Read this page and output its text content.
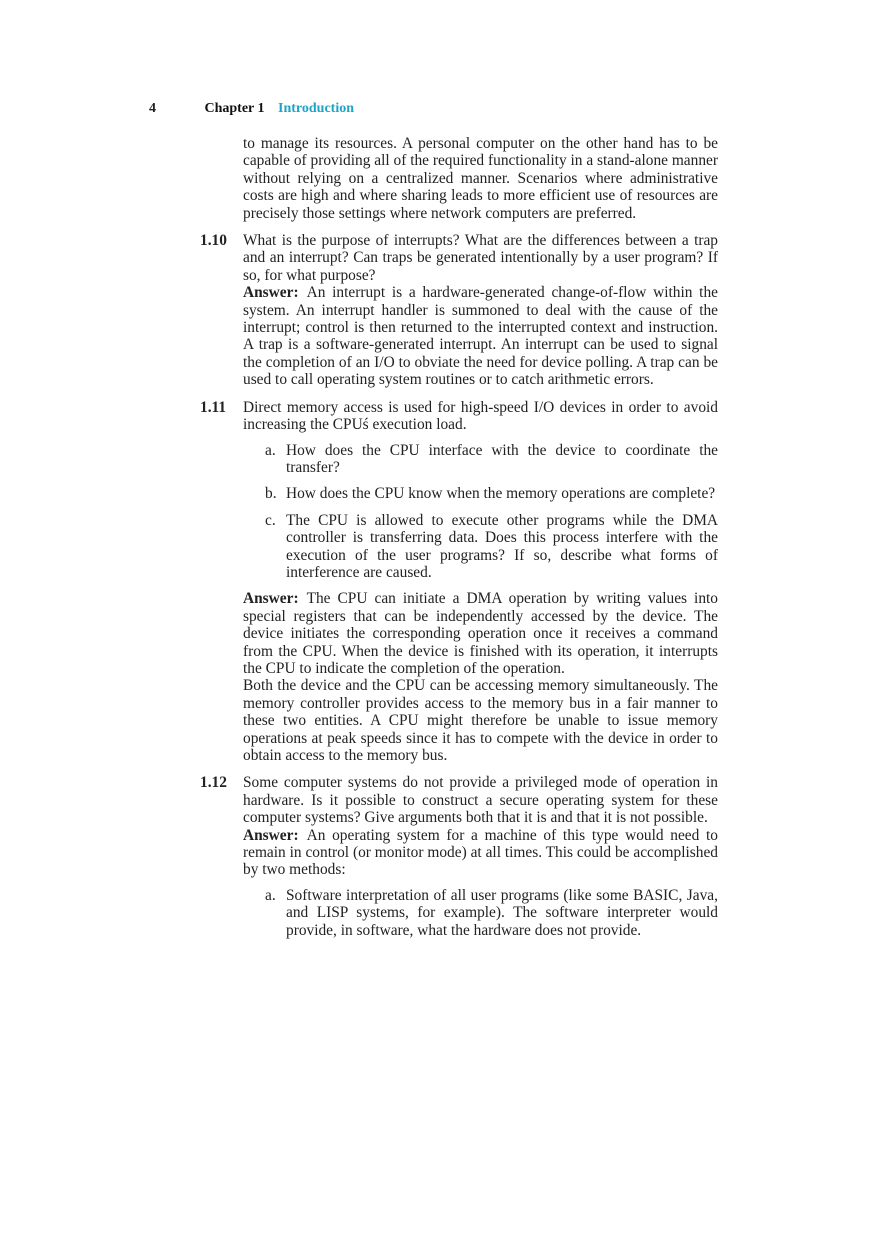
4	Chapter 1 Introduction

to manage its resources. A personal computer on the other hand has to be capable of providing all of the required functionality in a stand-alone manner without relying on a centralized manner. Scenarios where administrative costs are high and where sharing leads to more efficient use of resources are precisely those settings where network computers are preferred.

1.10 What is the purpose of interrupts? What are the differences between a trap and an interrupt? Can traps be generated intentionally by a user program? If so, for what purpose?

Answer: An interrupt is a hardware-generated change-of-flow within the system. An interrupt handler is summoned to deal with the cause of the interrupt; control is then returned to the interrupted context and instruction. A trap is a software-generated interrupt. An interrupt can be used to signal the completion of an I/O to obviate the need for device polling. A trap can be used to call operating system routines or to catch arithmetic errors.

1.11 Direct memory access is used for high-speed I/O devices in order to avoid increasing the CPUś execution load.

a. How does the CPU interface with the device to coordinate the transfer?
b. How does the CPU know when the memory operations are complete?
c. The CPU is allowed to execute other programs while the DMA controller is transferring data. Does this process interfere with the execution of the user programs? If so, describe what forms of interference are caused.

Answer: The CPU can initiate a DMA operation by writing values into special registers that can be independently accessed by the device. The device initiates the corresponding operation once it receives a command from the CPU. When the device is finished with its operation, it interrupts the CPU to indicate the completion of the operation.

Both the device and the CPU can be accessing memory simultaneously. The memory controller provides access to the memory bus in a fair manner to these two entities. A CPU might therefore be unable to issue memory operations at peak speeds since it has to compete with the device in order to obtain access to the memory bus.

1.12 Some computer systems do not provide a privileged mode of operation in hardware. Is it possible to construct a secure operating system for these computer systems? Give arguments both that it is and that it is not possible.

Answer: An operating system for a machine of this type would need to remain in control (or monitor mode) at all times. This could be accomplished by two methods:

a. Software interpretation of all user programs (like some BASIC, Java, and LISP systems, for example). The software interpreter would provide, in software, what the hardware does not provide.
